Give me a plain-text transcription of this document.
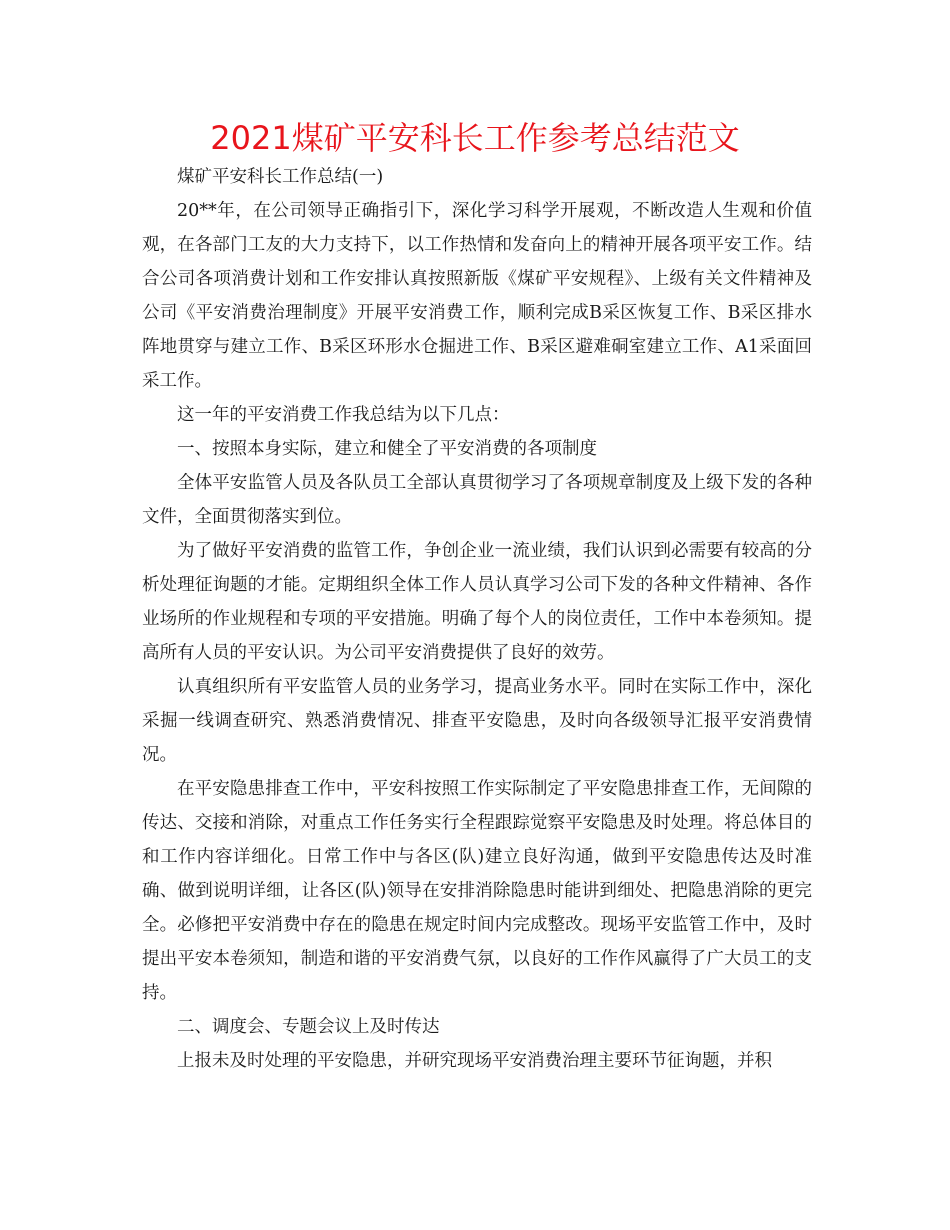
2021煤矿平安科长工作参考总结范文

煤矿平安科长工作总结(一)

20**年，在公司领导正确指引下，深化学习科学开展观，不断改造人生观和价值观，在各部门工友的大力支持下，以工作热情和发奋向上的精神开展各项平安工作。结合公司各项消费计划和工作安排认真按照新版《煤矿平安规程》、上级有关文件精神及公司《平安消费治理制度》开展平安消费工作，顺利完成B采区恢复工作、B采区排水阵地贯穿与建立工作、B采区环形水仓掘进工作、B采区避难硐室建立工作、A1采面回采工作。

这一年的平安消费工作我总结为以下几点：

一、按照本身实际，建立和健全了平安消费的各项制度

全体平安监管人员及各队员工全部认真贯彻学习了各项规章制度及上级下发的各种文件，全面贯彻落实到位。

为了做好平安消费的监管工作，争创企业一流业绩，我们认识到必需要有较高的分析处理征询题的才能。定期组织全体工作人员认真学习公司下发的各种文件精神、各作业场所的作业规程和专项的平安措施。明确了每个人的岗位责任，工作中本卷须知。提高所有人员的平安认识。为公司平安消费提供了良好的效劳。

认真组织所有平安监管人员的业务学习，提高业务水平。同时在实际工作中，深化采掘一线调查研究、熟悉消费情况、排查平安隐患，及时向各级领导汇报平安消费情况。

在平安隐患排查工作中，平安科按照工作实际制定了平安隐患排查工作，无间隙的传达、交接和消除，对重点工作任务实行全程跟踪觉察平安隐患及时处理。将总体目的和工作内容详细化。日常工作中与各区(队)建立良好沟通，做到平安隐患传达及时准确、做到说明详细，让各区(队)领导在安排消除隐患时能讲到细处、把隐患消除的更完全。必修把平安消费中存在的隐患在规定时间内完成整改。现场平安监管工作中，及时提出平安本卷须知，制造和谐的平安消费气氛，以良好的工作作风赢得了广大员工的支持。

二、调度会、专题会议上及时传达

上报未及时处理的平安隐患，并研究现场平安消费治理主要环节征询题，并积
